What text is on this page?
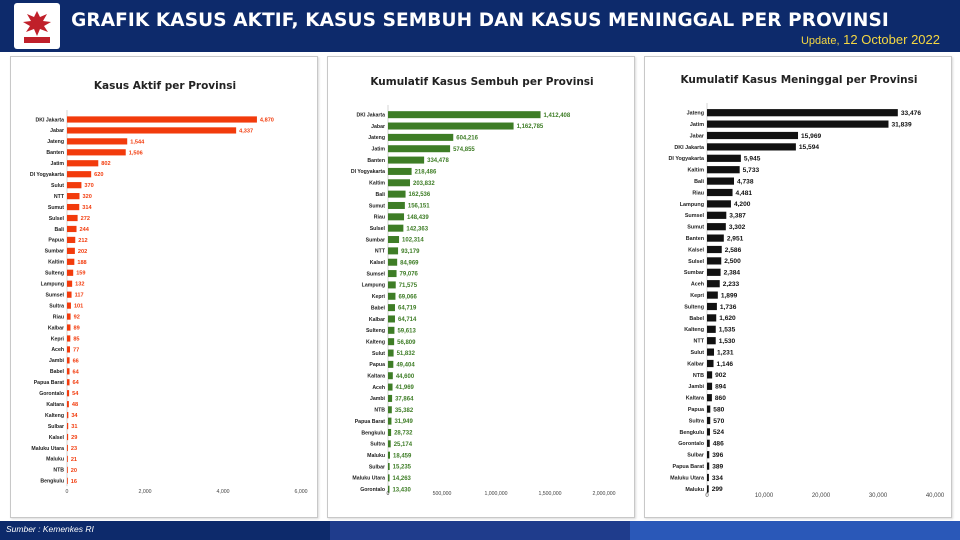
GRAFIK KASUS AKTIF, KASUS SEMBUH DAN KASUS MENINGGAL PER PROVINSI
Update, 12 October 2022
Kasus Aktif per Provinsi
DKI Jakarta	4,870
Jabar	4,337
Jateng	1,544
Banten	1,506
Jatim	802
DI Yogyakarta	620
Sulut	370
NTT	320
Sumut	314
Sulsel	272
Bali	244
Papua	212
Sumbar 202
Kaltim 188
Sulteng 159
Lampung 132
Sumsel 117
Sultra 101
Riau 92
Kalbar 89
Kepri 85
Aceh 77
Jambi 66
Babel 64
Papua Barat 64
Gorontalo 54
Kaltara 48
Kalteng 34
Sulbar 31
Kalsel 29
Maluku Utara 23
Maluku 21
NTB 20
Bengkulu 16
0	2,000	4,000	6,000
Kumulatif Kasus Sembuh per Provinsi
DKI Jakarta	1,412,408
Jabar	1,162,785
Jateng	604,216
Jatim	574,855
Banten	334,478
DI Yogyakarta	218,486
Kaltim	203,832
Bali	162,536
Sumut	156,151
Riau	148,439
Sulsel	142,363
Sumbar	102,314
NTT	93,179
Kalsel	84,969
Sumsel 79,076
Lampung 71,575
Kepri 69,066
Babel 64,719
Kalbar 64,714
Sulteng 59,613
Kalteng 56,809
Sulut 51,832
Papua 49,404
Kaltara 44,600
Aceh 41,969
Jambi 37,864
NTB 35,382
Papua Barat 31,949
Bengkulu 28,732
Sultra 25,174
Maluku 18,459
Sulbar 15,235
Maluku Utara 14,263
Gorontalo 13,430
0	500,000	1,000,000	1,500,000	2,000,000
Kumulatif Kasus Meninggal per Provinsi
Jateng	33,476
Jatim	31,839
Jabar	15,969
DKI Jakarta	15,594
DI Yogyakarta	5,945
Kaltim	5,733
Bali	4,738
Riau	4,481
Lampung	4,200
Sumsel	3,387
Sumut	3,302
Banten	2,951
Kalsel	2,586
Sulsel	2,500
Sumbar	2,384
Aceh	2,233
Kepri	1,899
Sulteng 1,736
Babel 1,620
Kalteng 1,535
NTT 1,530
Sulut 1,231
Kalbar 1,146
NTB 902
Jambi 894
Kaltara 860
Papua 580
Sultra 570
Bengkulu 524
Gorontalo 486
Sulbar 396
Papua Barat 389
Maluku Utara 334
Maluku 299
0	10,000	20,000	30,000	40,000
Sumber : Kemenkes RI
